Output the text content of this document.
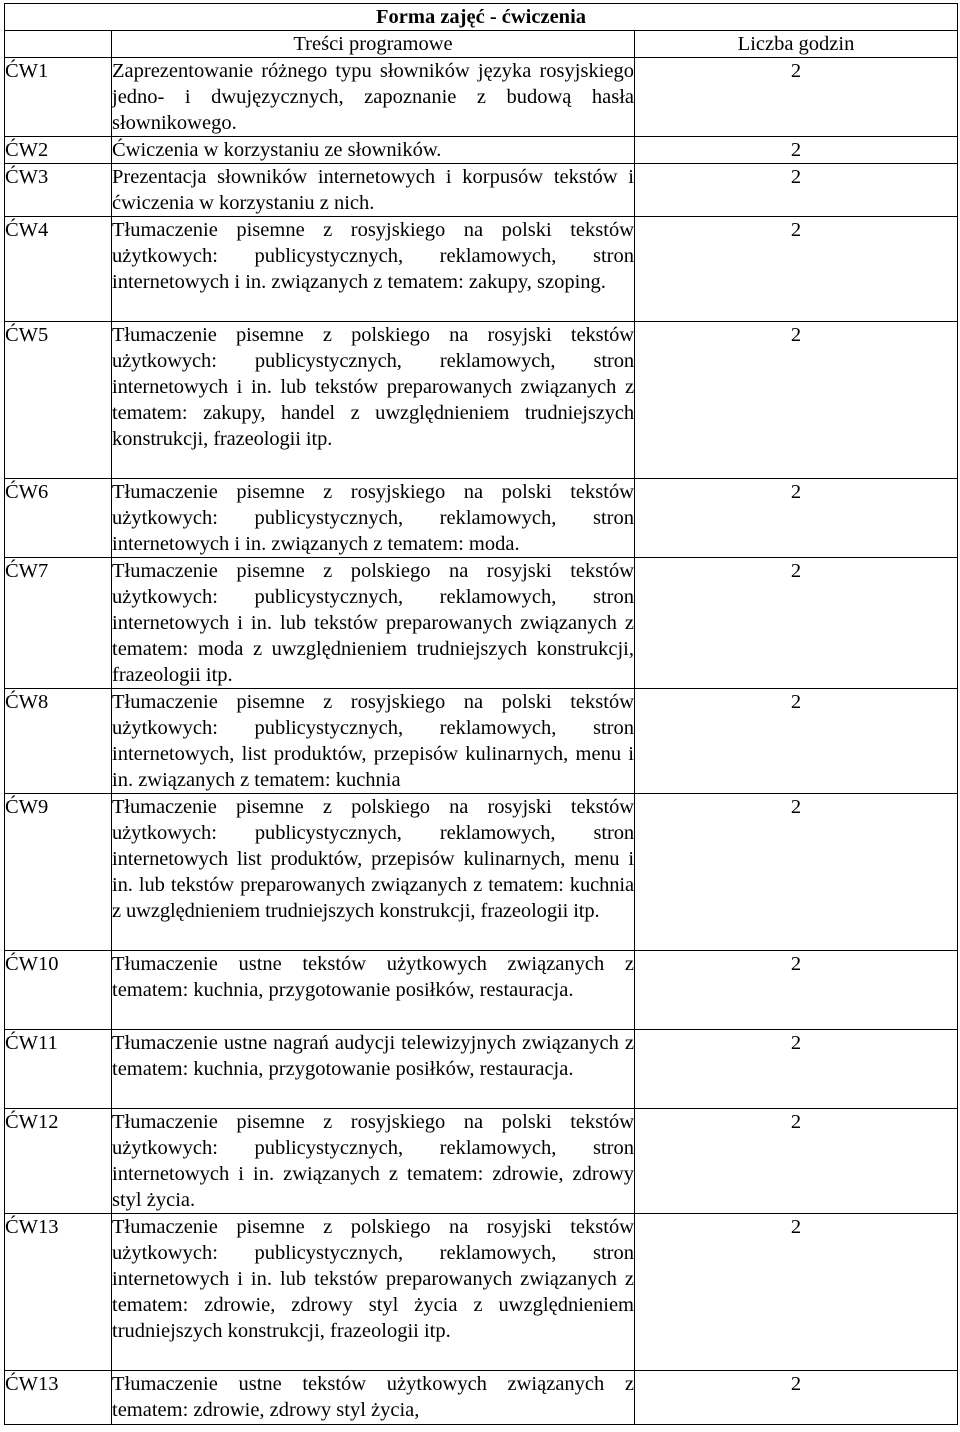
Forma zajęć - ćwiczenia		
	Treści programowe	Liczba godzin
ĆW1	Zaprezentowanie różnego typu słowników języka rosyjskiego jedno- i dwujęzycznych, zapoznanie z budową hasła słownikowego.	2
ĆW2	Ćwiczenia w korzystaniu ze słowników.	2
ĆW3	Prezentacja słowników internetowych i korpusów tekstów i ćwiczenia w korzystaniu z nich.	2
ĆW4	Tłumaczenie pisemne z rosyjskiego na polski tekstów użytkowych: publicystycznych, reklamowych, stron internetowych i in. związanych z tematem: zakupy, szoping.	2
ĆW5	Tłumaczenie pisemne z polskiego na rosyjski tekstów użytkowych: publicystycznych, reklamowych, stron internetowych i in. lub tekstów preparowanych związanych z tematem: zakupy, handel z uwzględnieniem trudniejszych konstrukcji, frazeologii itp.	2
ĆW6	Tłumaczenie pisemne z rosyjskiego na polski tekstów użytkowych: publicystycznych, reklamowych, stron internetowych i in. związanych z tematem: moda.	2
ĆW7	Tłumaczenie pisemne z polskiego na rosyjski tekstów użytkowych: publicystycznych, reklamowych, stron internetowych i in. lub tekstów preparowanych związanych z tematem: moda z uwzględnieniem trudniejszych konstrukcji, frazeologii itp.	2
ĆW8	Tłumaczenie pisemne z rosyjskiego na polski tekstów użytkowych: publicystycznych, reklamowych, stron internetowych, list produktów, przepisów kulinarnych, menu i in. związanych z tematem: kuchnia	2
ĆW9	Tłumaczenie pisemne z polskiego na rosyjski tekstów użytkowych: publicystycznych, reklamowych, stron internetowych list produktów, przepisów kulinarnych, menu i in. lub tekstów preparowanych związanych z tematem: kuchnia z uwzględnieniem trudniejszych konstrukcji, frazeologii itp.	2
ĆW10	Tłumaczenie ustne tekstów użytkowych związanych z tematem: kuchnia, przygotowanie posiłków, restauracja.	2
ĆW11	Tłumaczenie ustne nagrań audycji telewizyjnych związanych z tematem: kuchnia, przygotowanie posiłków, restauracja.	2
ĆW12	Tłumaczenie pisemne z rosyjskiego na polski tekstów użytkowych: publicystycznych, reklamowych, stron internetowych i in. związanych z tematem: zdrowie, zdrowy styl życia.	2
ĆW13	Tłumaczenie pisemne z polskiego na rosyjski tekstów użytkowych: publicystycznych, reklamowych, stron internetowych i in. lub tekstów preparowanych związanych z tematem: zdrowie, zdrowy styl życia z uwzględnieniem trudniejszych konstrukcji, frazeologii itp.	2
ĆW13	Tłumaczenie ustne tekstów użytkowych związanych z tematem: zdrowie, zdrowy styl życia,	2
